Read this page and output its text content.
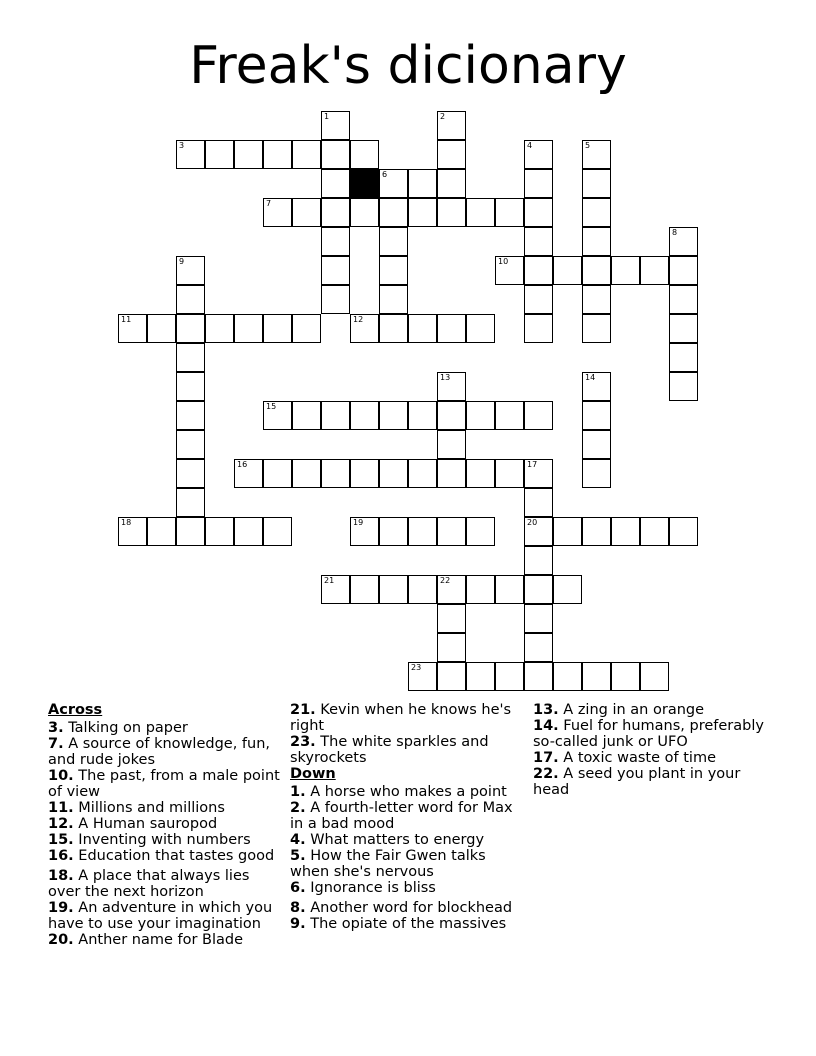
Freak's dicionary
1	2
3	4	5
6
7
8
9	10
11	12
13	14
15
16	17
18	19	20
21	22
23
Across
3. Talking on paper
7. A source of knowledge, fun, and rude jokes
10. The past, from a male point of view
11. Millions and millions
12. A Human sauropod
15. Inventing with numbers
16. Education that tastes good
18. A place that always lies over the next horizon
19. An adventure in which you have to use your imagination
20. Anther name for Blade
21. Kevin when he knows he's right
23. The white sparkles and skyrockets
Down
1. A horse who makes a point
2. A fourth-letter word for Max in a bad mood
4. What matters to energy
5. How the Fair Gwen talks when she's nervous
6. Ignorance is bliss
8. Another word for blockhead
9. The opiate of the massives
13. A zing in an orange
14. Fuel for humans, preferably so-called junk or UFO
17. A toxic waste of time
22. A seed you plant in your head
